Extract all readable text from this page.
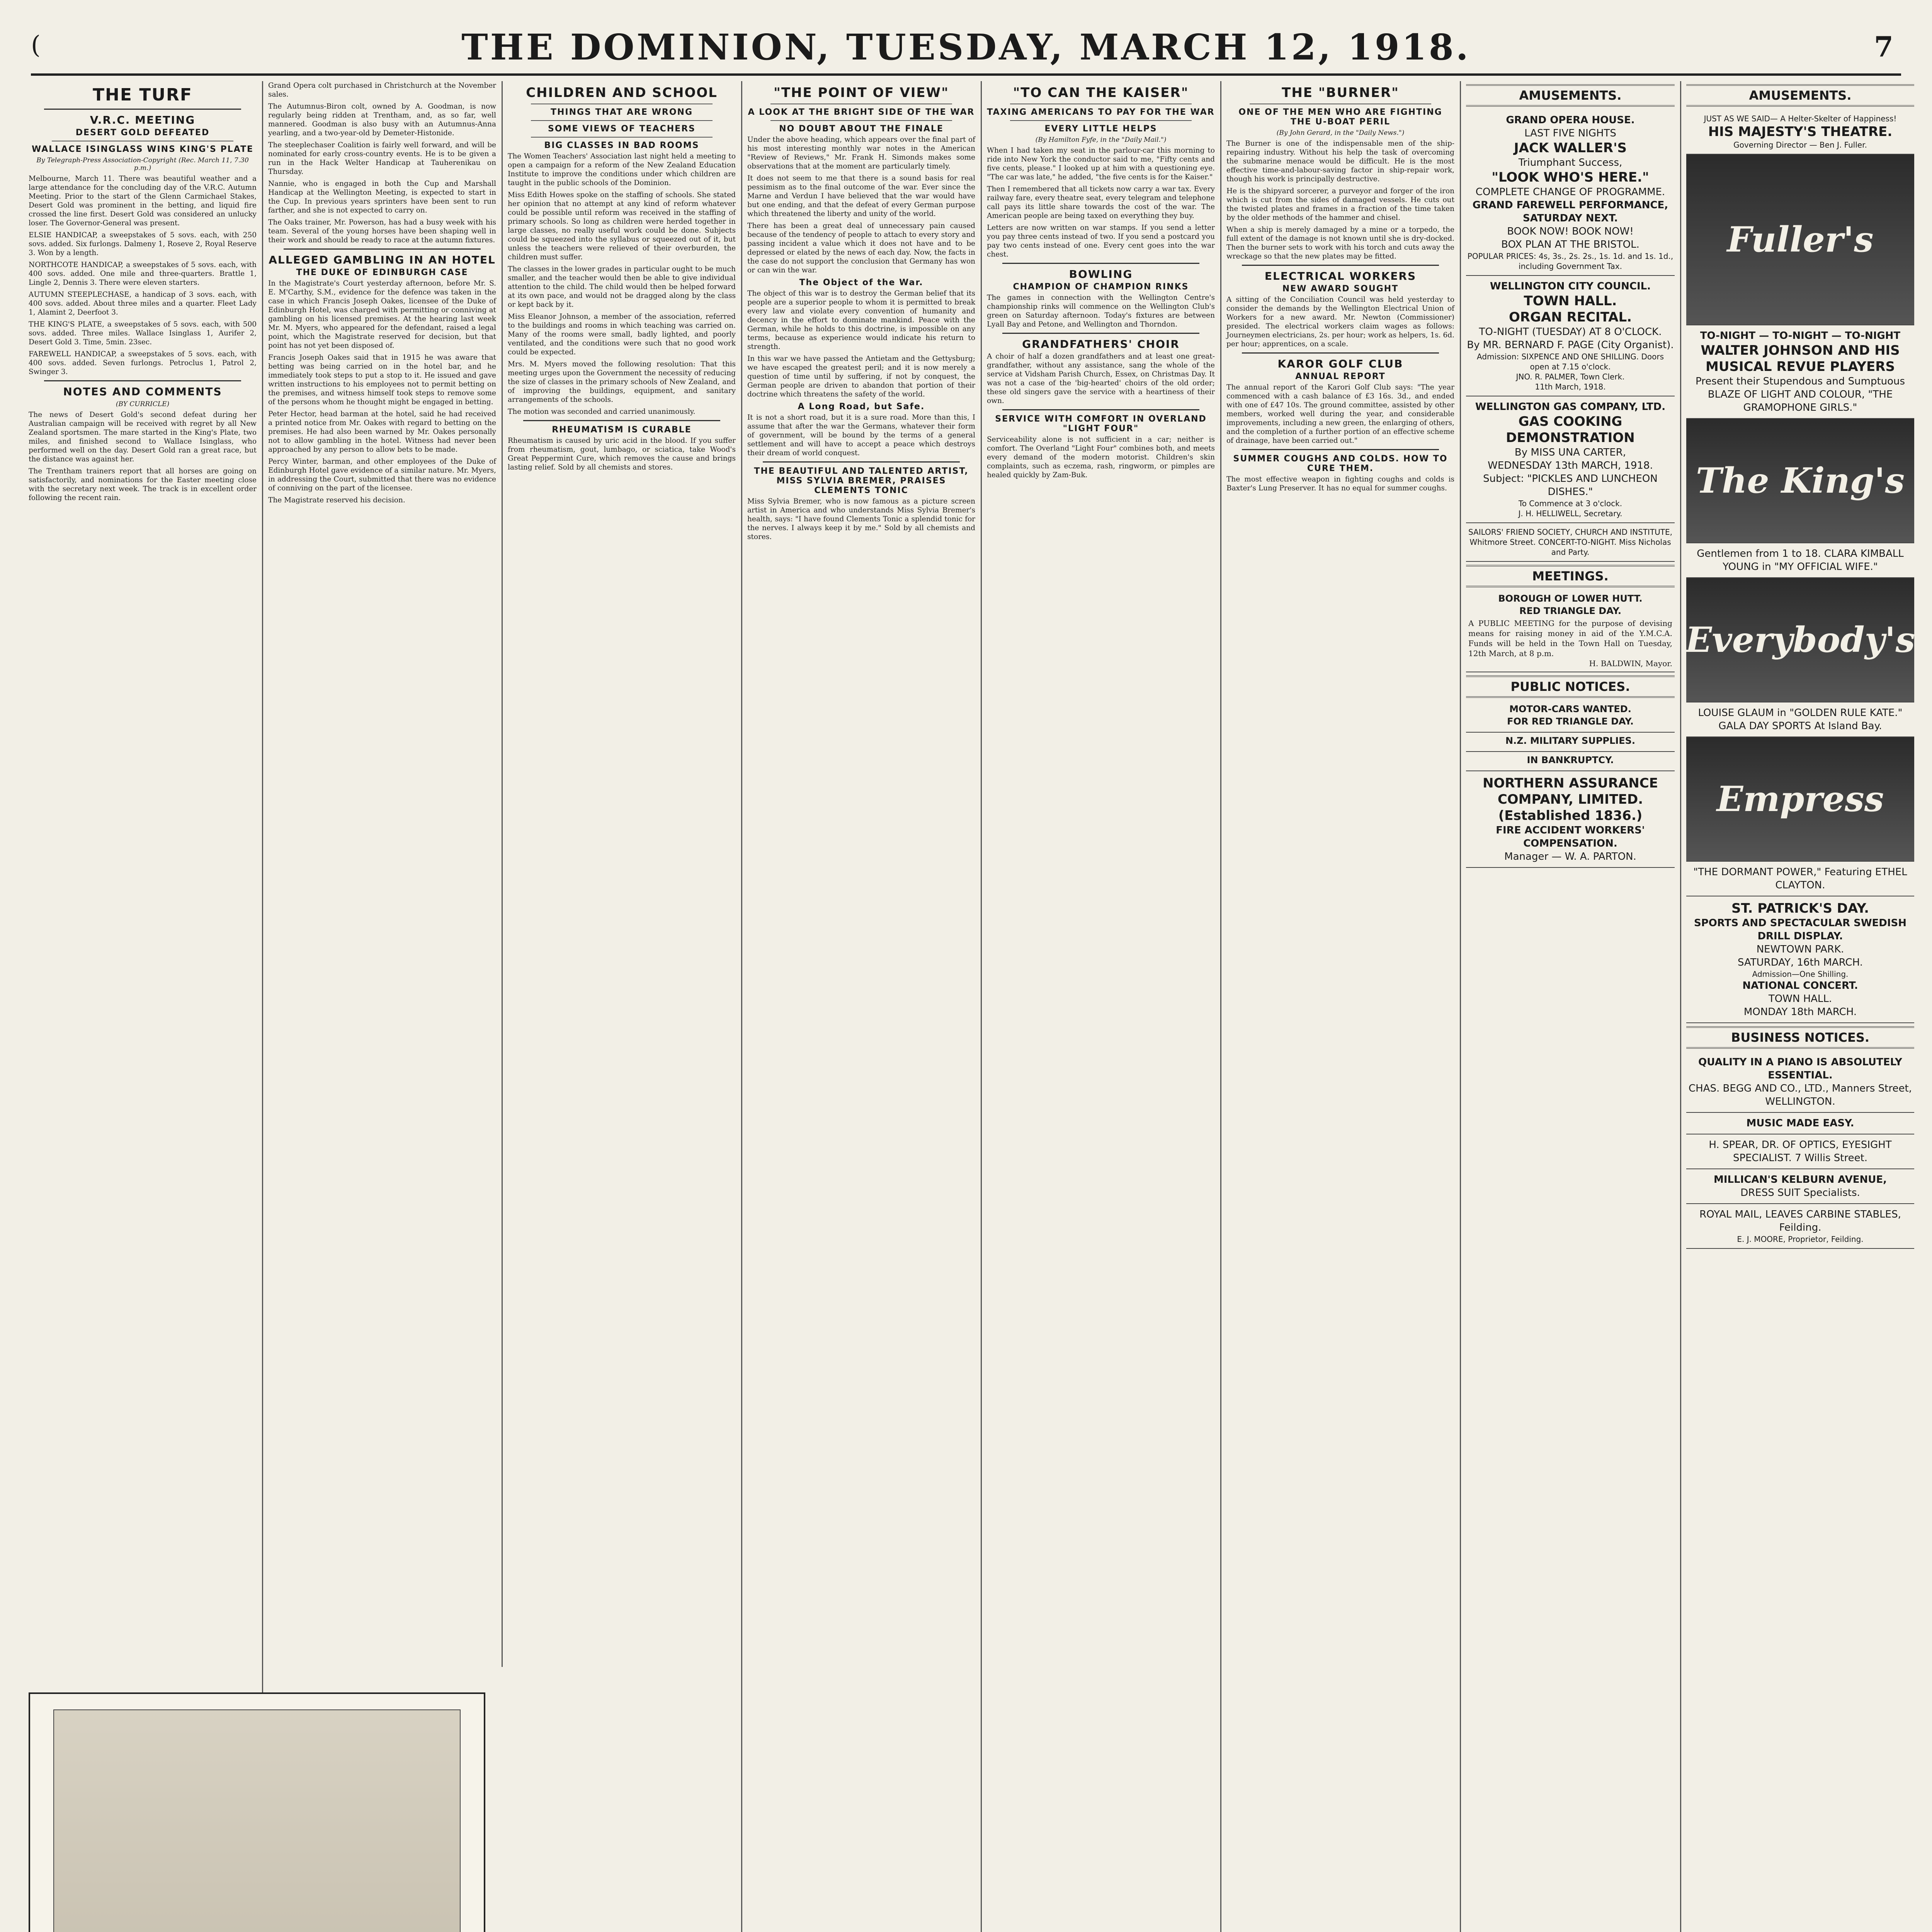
(	THE DOMINION, TUESDAY, MARCH 12, 1918.	7
THE TURF
V.R.C. MEETING
DESERT GOLD DEFEATED
WALLACE ISINGLASS WINS KING'S PLATE
By Telegraph-Press Association-Copyright (Rec. March 11, 7.30 p.m.)

Melbourne, March 11. There was beautiful weather and a large attendance for the concluding day of the V.R.C. Autumn Meeting. Prior to the start of the Glenn Carmichael Stakes, Desert Gold was prominent in the betting, and liquid fire crossed the line first. Desert Gold was considered an unlucky loser. The Governor-General was present.

ELSIE HANDICAP, a sweepstakes of 5 sovs. each, with 250 sovs. added. Six furlongs. Dalmeny 1, Roseve 2, Royal Reserve 3. Won by a length.

NORTHCOTE HANDICAP, a sweepstakes of 5 sovs. each, with 400 sovs. added. One mile and three-quarters. Brattle 1, Lingle 2, Dennis 3. There were eleven starters.

AUTUMN STEEPLECHASE, a handicap of 3 sovs. each, with 400 sovs. added. About three miles and a quarter. Fleet Lady 1, Alamint 2, Deerfoot 3.

THE KING'S PLATE, a sweepstakes of 5 sovs. each, with 500 sovs. added. Three miles. Wallace Isinglass 1, Aurifer 2, Desert Gold 3. Time, 5min. 23sec.

FAREWELL HANDICAP, a sweepstakes of 5 sovs. each, with 400 sovs. added. Seven furlongs. Petroclus 1, Patrol 2, Swinger 3.

NOTES AND COMMENTS
(BY CURRICLE)

The news of Desert Gold's second defeat during her Australian campaign will be received with regret by all New Zealand sportsmen. The mare started in the King's Plate, two miles, and finished second to Wallace Isinglass, who performed well on the day. Desert Gold ran a great race, but the distance was against her.

The Trentham trainers report that all horses are going on satisfactorily, and nominations for the Easter meeting close with the secretary next week. The track is in excellent order following the recent rain.

Grand Opera colt purchased in Christchurch at the November sales.

The Autumnus-Biron colt, owned by A. Goodman, is now regularly being ridden at Trentham, and, as so far, well mannered. Goodman is also busy with an Autumnus-Anna yearling, and a two-year-old by Demeter-Histonide.

The steeplechaser Coalition is fairly well forward, and will be nominated for early cross-country events. He is to be given a run in the Hack Welter Handicap at Tauherenikau on Thursday.

Nannie, who is engaged in both the Cup and Marshall Handicap at the Wellington Meeting, is expected to start in the Cup. In previous years sprinters have been sent to run farther, and she is not expected to carry on.

The Oaks trainer, Mr. Powerson, has had a busy week with his team. Several of the young horses have been shaping well in their work and should be ready to race at the autumn fixtures.

ALLEGED GAMBLING IN AN HOTEL
THE DUKE OF EDINBURGH CASE

In the Magistrate's Court yesterday afternoon, before Mr. S. E. M'Carthy, S.M., evidence for the defence was taken in the case in which Francis Joseph Oakes, licensee of the Duke of Edinburgh Hotel, was charged with permitting or conniving at gambling on his licensed premises. At the hearing last week Mr. M. Myers, who appeared for the defendant, raised a legal point, which the Magistrate reserved for decision, but that point has not yet been disposed of.

Francis Joseph Oakes said that in 1915 he was aware that betting was being carried on in the hotel bar, and he immediately took steps to put a stop to it. He issued and gave written instructions to his employees not to permit betting on the premises, and witness himself took steps to remove some of the persons whom he thought might be engaged in betting.

Peter Hector, head barman at the hotel, said he had received a printed notice from Mr. Oakes with regard to betting on the premises. He had also been warned by Mr. Oakes personally not to allow gambling in the hotel. Witness had never been approached by any person to allow bets to be made.

Percy Winter, barman, and other employees of the Duke of Edinburgh Hotel gave evidence of a similar nature. Mr. Myers, in addressing the Court, submitted that there was no evidence of conniving on the part of the licensee.

The Magistrate reserved his decision.

CHILDREN AND SCHOOL
THINGS THAT ARE WRONG
SOME VIEWS OF TEACHERS
BIG CLASSES IN BAD ROOMS

The Women Teachers' Association last night held a meeting to open a campaign for a reform of the New Zealand Education Institute to improve the conditions under which children are taught in the public schools of the Dominion.

Miss Edith Howes spoke on the staffing of schools. She stated her opinion that no attempt at any kind of reform whatever could be possible until reform was received in the staffing of primary schools. So long as children were herded together in large classes, no really useful work could be done. Subjects could be squeezed into the syllabus or squeezed out of it, but unless the teachers were relieved of their overburden, the children must suffer.

The classes in the lower grades in particular ought to be much smaller, and the teacher would then be able to give individual attention to the child. The child would then be helped forward at its own pace, and would not be dragged along by the class or kept back by it.

Miss Eleanor Johnson, a member of the association, referred to the buildings and rooms in which teaching was carried on. Many of the rooms were small, badly lighted, and poorly ventilated, and the conditions were such that no good work could be expected.

Mrs. M. Myers moved the following resolution: That this meeting urges upon the Government the necessity of reducing the size of classes in the primary schools of New Zealand, and of improving the buildings, equipment, and sanitary arrangements of the schools.

The motion was seconded and carried unanimously.

RHEUMATISM IS CURABLE

Rheumatism is caused by uric acid in the blood. If you suffer from rheumatism, gout, lumbago, or sciatica, take Wood's Great Peppermint Cure, which removes the cause and brings lasting relief. Sold by all chemists and stores.

"THE POINT OF VIEW"
A LOOK AT THE BRIGHT SIDE OF THE WAR
NO DOUBT ABOUT THE FINALE

Under the above heading, which appears over the final part of his most interesting monthly war notes in the American "Review of Reviews," Mr. Frank H. Simonds makes some observations that at the moment are particularly timely.

It does not seem to me that there is a sound basis for real pessimism as to the final outcome of the war. Ever since the Marne and Verdun I have believed that the war would have but one ending, and that the defeat of every German purpose which threatened the liberty and unity of the world.

There has been a great deal of unnecessary pain caused because of the tendency of people to attach to every story and passing incident a value which it does not have and to be depressed or elated by the news of each day. Now, the facts in the case do not support the conclusion that Germany has won or can win the war.

The Object of the War.

The object of this war is to destroy the German belief that its people are a superior people to whom it is permitted to break every law and violate every convention of humanity and decency in the effort to dominate mankind. Peace with the German, while he holds to this doctrine, is impossible on any terms, because as experience would indicate his return to strength.

In this war we have passed the Antietam and the Gettysburg; we have escaped the greatest peril; and it is now merely a question of time until by suffering, if not by conquest, the German people are driven to abandon that portion of their doctrine which threatens the safety of the world.

A Long Road, but Safe.

It is not a short road, but it is a sure road. More than this, I assume that after the war the Germans, whatever their form of government, will be bound by the terms of a general settlement and will have to accept a peace which destroys their dream of world conquest.

THE BEAUTIFUL AND TALENTED ARTIST, MISS SYLVIA BREMER, PRAISES CLEMENTS TONIC

Miss Sylvia Bremer, who is now famous as a picture screen artist in America and who understands Miss Sylvia Bremer's health, says: "I have found Clements Tonic a splendid tonic for the nerves. I always keep it by me." Sold by all chemists and stores.

"TO CAN THE KAISER"
TAXING AMERICANS TO PAY FOR THE WAR
EVERY LITTLE HELPS
(By Hamilton Fyfe, in the "Daily Mail.")

When I had taken my seat in the parlour-car this morning to ride into New York the conductor said to me, "Fifty cents and five cents, please." I looked up at him with a questioning eye. "The car was late," he added, "the five cents is for the Kaiser."

Then I remembered that all tickets now carry a war tax. Every railway fare, every theatre seat, every telegram and telephone call pays its little share towards the cost of the war. The American people are being taxed on everything they buy.

Letters are now written on war stamps. If you send a letter you pay three cents instead of two. If you send a postcard you pay two cents instead of one. Every cent goes into the war chest.

BOWLING
CHAMPION OF CHAMPION RINKS

The games in connection with the Wellington Centre's championship rinks will commence on the Wellington Club's green on Saturday afternoon. Today's fixtures are between Lyall Bay and Petone, and Wellington and Thorndon.

GRANDFATHERS' CHOIR

A choir of half a dozen grandfathers and at least one great-grandfather, without any assistance, sang the whole of the service at Vidsham Parish Church, Essex, on Christmas Day. It was not a case of the 'big-hearted' choirs of the old order; these old singers gave the service with a heartiness of their own.

SERVICE WITH COMFORT IN OVERLAND "LIGHT FOUR"

Serviceability alone is not sufficient in a car; neither is comfort. The Overland "Light Four" combines both, and meets every demand of the modern motorist. Children's skin complaints, such as eczema, rash, ringworm, or pimples are healed quickly by Zam-Buk.

THE "BURNER"
ONE OF THE MEN WHO ARE FIGHTING THE U-BOAT PERIL
(By John Gerard, in the "Daily News.")

The Burner is one of the indispensable men of the ship-repairing industry. Without his help the task of overcoming the submarine menace would be difficult. He is the most effective time-and-labour-saving factor in ship-repair work, though his work is principally destructive.

He is the shipyard sorcerer, a purveyor and forger of the iron which is cut from the sides of damaged vessels. He cuts out the twisted plates and frames in a fraction of the time taken by the older methods of the hammer and chisel.

When a ship is merely damaged by a mine or a torpedo, the full extent of the damage is not known until she is dry-docked. Then the burner sets to work with his torch and cuts away the wreckage so that the new plates may be fitted.

ELECTRICAL WORKERS
NEW AWARD SOUGHT

A sitting of the Conciliation Council was held yesterday to consider the demands by the Wellington Electrical Union of Workers for a new award. Mr. Newton (Commissioner) presided. The electrical workers claim wages as follows: Journeymen electricians, 2s. per hour; work as helpers, 1s. 6d. per hour; apprentices, on a scale.

KAROR GOLF CLUB
ANNUAL REPORT

The annual report of the Karori Golf Club says: "The year commenced with a cash balance of £3 16s. 3d., and ended with one of £47 10s. The ground committee, assisted by other members, worked well during the year, and considerable improvements, including a new green, the enlarging of others, and the completion of a further portion of an effective scheme of drainage, have been carried out."

SUMMER COUGHS AND COLDS. HOW TO CURE THEM.

The most effective weapon in fighting coughs and colds is Baxter's Lung Preserver. It has no equal for summer coughs.

AMUSEMENTS.
GRAND OPERA HOUSE.
LAST FIVE NIGHTS
JACK WALLER'S
Triumphant Success,
"LOOK WHO'S HERE."
COMPLETE CHANGE OF PROGRAMME.
GRAND FAREWELL PERFORMANCE, SATURDAY NEXT.
BOOK NOW! BOOK NOW!
BOX PLAN AT THE BRISTOL.
POPULAR PRICES: 4s, 3s., 2s. 2s., 1s. 1d. and 1s. 1d., including Government Tax.
WELLINGTON CITY COUNCIL.
TOWN HALL.
ORGAN RECITAL.
TO-NIGHT (TUESDAY) AT 8 O'CLOCK.
By MR. BERNARD F. PAGE (City Organist).
Admission: SIXPENCE AND ONE SHILLING. Doors open at 7.15 o'clock.
JNO. R. PALMER, Town Clerk.
11th March, 1918.
WELLINGTON GAS COMPANY, LTD.
GAS COOKING DEMONSTRATION
By MISS UNA CARTER,
WEDNESDAY 13th MARCH, 1918.
Subject: "PICKLES AND LUNCHEON DISHES."
To Commence at 3 o'clock.
J. H. HELLIWELL, Secretary.
SAILORS' FRIEND SOCIETY, CHURCH AND INSTITUTE, Whitmore Street. CONCERT-TO-NIGHT. Miss Nicholas and Party.
MEETINGS.
BOROUGH OF LOWER HUTT.
RED TRIANGLE DAY.
A PUBLIC MEETING for the purpose of devising means for raising money in aid of the Y.M.C.A. Funds will be held in the Town Hall on Tuesday, 12th March, at 8 p.m.
H. BALDWIN, Mayor.
PUBLIC NOTICES.
MOTOR-CARS WANTED.
FOR RED TRIANGLE DAY.
N.Z. MILITARY SUPPLIES.
IN BANKRUPTCY.
NORTHERN ASSURANCE COMPANY, LIMITED. (Established 1836.)
FIRE ACCIDENT WORKERS' COMPENSATION.
Manager — W. A. PARTON.
AMUSEMENTS.
JUST AS WE SAID— A Helter-Skelter of Happiness!
HIS MAJESTY'S THEATRE.
Governing Director — Ben J. Fuller.
Fuller's
TO-NIGHT — TO-NIGHT — TO-NIGHT
WALTER JOHNSON AND HIS MUSICAL REVUE PLAYERS
Present their Stupendous and Sumptuous BLAZE OF LIGHT AND COLOUR, "THE GRAMOPHONE GIRLS."
The King's
Gentlemen from 1 to 18. CLARA KIMBALL YOUNG in "MY OFFICIAL WIFE."
Everybody's
LOUISE GLAUM in "GOLDEN RULE KATE."
GALA DAY SPORTS At Island Bay.
Empress
"THE DORMANT POWER," Featuring ETHEL CLAYTON.
ST. PATRICK'S DAY.
SPORTS AND SPECTACULAR SWEDISH DRILL DISPLAY.
NEWTOWN PARK.
SATURDAY, 16th MARCH.
Admission—One Shilling.
NATIONAL CONCERT.
TOWN HALL.
MONDAY 18th MARCH.
BUSINESS NOTICES.
QUALITY IN A PIANO IS ABSOLUTELY ESSENTIAL.
CHAS. BEGG AND CO., LTD., Manners Street, WELLINGTON.
MUSIC MADE EASY.
H. SPEAR, DR. OF OPTICS, EYESIGHT SPECIALIST. 7 Willis Street.
MILLICAN'S KELBURN AVENUE,
DRESS SUIT Specialists.
ROYAL MAIL, LEAVES CARBINE STABLES, Feilding.
E. J. MOORE, Proprietor, Feilding.
